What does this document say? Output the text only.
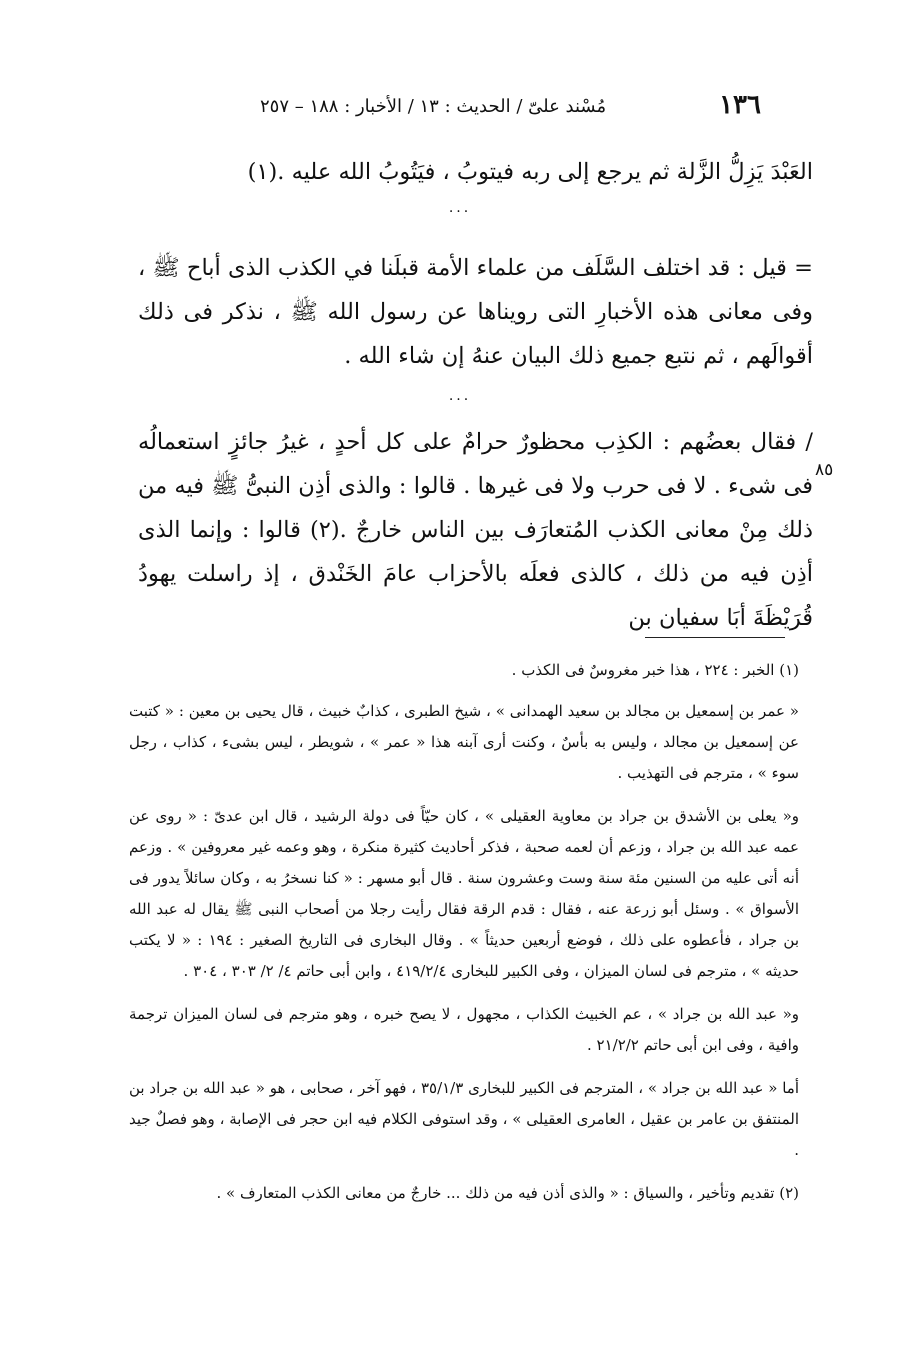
١٣٦
مُسْند علىّ / الحديث : ١٣ / الأخبار : ١٨٨ – ٢٥٧

العَبْدَ يَزِلُّ الزَّلة ثم يرجع إلى ربه فيتوبُ ، فيَتُوبُ الله عليه .(١)

...

= قيل : قد اختلف السَّلَف من علماء الأمة قبلَنا في الكذب الذى أباح ﷺ ، وفى معانى هذه الأخبارِ التى رويناها عن رسول الله ﷺ ، نذكر فى ذلك أقوالَهم ، ثم نتبع جميع ذلك البيان عنهُ إن شاء الله .

...
٨٥

/ فقال بعضُهم : الكذِب محظورٌ حرامٌ على كل أحدٍ ، غيرُ جائزٍ استعمالُه فى شىء . لا فى حرب ولا فى غيرها . قالوا : والذى أذِن النبىُّ ﷺ فيه من ذلك مِنْ معانى الكذب المُتعارَف بين الناس خارجٌ .(٢) قالوا : وإنما الذى أذِن فيه من ذلك ، كالذى فعلَه بالأحزاب عامَ الخَنْدق ، إذ راسلت يهودُ قُرَيْظَةَ أبَا سفيان بن

(١) الخبر : ٢٢٤ ، هذا خبر مغروسٌ فى الكذب .

« عمر بن إسمعيل بن مجالد بن سعيد الهمدانى » ، شيخ الطبرى ، كذابٌ خبيث ، قال يحيى بن معين : « كتبت عن إسمعيل بن مجالد ، وليس به بأسٌ ، وكنت أرى آبنه هذا « عمر » ، شويطر ، ليس بشىء ، كذاب ، رجل سوء » ، مترجم فى التهذيب .

و« يعلى بن الأشدق بن جراد بن معاوية العقيلى » ، كان حيّاً فى دولة الرشيد ، قال ابن عدىّ : « روى عن عمه عبد الله بن جراد ، وزعم أن لعمه صحبة ، فذكر أحاديث كثيرة منكرة ، وهو وعمه غير معروفين » . وزعم أنه أتى عليه من السنين مئة سنة وست وعشرون سنة . قال أبو مسهر : « كنا نسخرُ به ، وكان سائلاً يدور فى الأسواق » . وسئل أبو زرعة عنه ، فقال : قدم الرقة فقال رأيت رجلا من أصحاب النبى ﷺ يقال له عبد الله بن جراد ، فأعطوه على ذلك ، فوضع أربعين حديثاً » . وقال البخارى فى التاريخ الصغير : ١٩٤ : « لا يكتب حديثه » ، مترجم فى لسان الميزان ، وفى الكبير للبخارى ٤١٩/٢/٤ ، وابن أبى حاتم ٤/ ٢/ ٣٠٣ ، ٣٠٤ .

و« عبد الله بن جراد » ، عم الخبيث الكذاب ، مجهول ، لا يصح خبره ، وهو مترجم فى لسان الميزان ترجمة وافية ، وفى ابن أبى حاتم ٢١/٢/٢ .

أما « عبد الله بن جراد » ، المترجم فى الكبير للبخارى ٣٥/١/٣ ، فهو آخر ، صحابى ، هو « عبد الله بن جراد بن المنتفق بن عامر بن عقيل ، العامرى العقيلى » ، وقد استوفى الكلام فيه ابن حجر فى الإصابة ، وهو فصلٌ جيد .

(٢) تقديم وتأخير ، والسياق : « والذى أذن فيه من ذلك ... خارجٌ من معانى الكذب المتعارف » .
